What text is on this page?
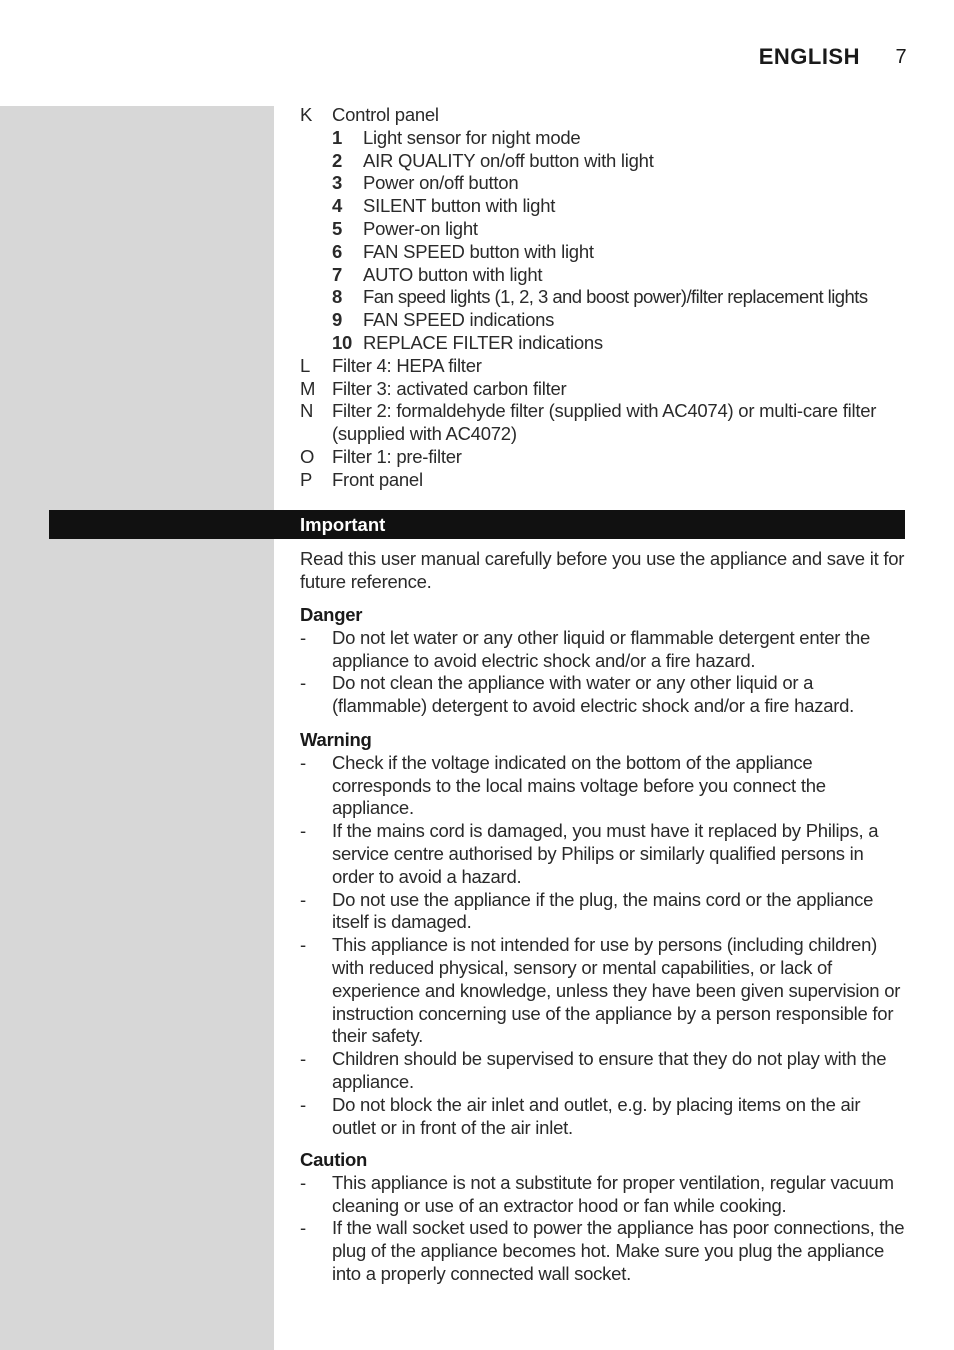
ENGLISH 7
K	Control panel
1	Light sensor for night mode
2	AIR QUALITY on/off button with light
3	Power on/off button
4	SILENT button with light
5	Power-on light
6	FAN SPEED button with light
7	AUTO button with light
8	Fan speed lights (1, 2, 3 and boost power)/filter replacement lights
9	FAN SPEED indications
10 REPLACE FILTER indications
L	Filter 4: HEPA filter
M Filter 3: activated carbon filter
N	Filter 2: formaldehyde filter (supplied with AC4074) or multi-care filter (supplied with AC4072)
O Filter 1: pre-filter
P	Front panel
Important
Read this user manual carefully before you use the appliance and save it for future reference.
Danger
-	Do not let water or any other liquid or flammable detergent enter the appliance to avoid electric shock and/or a fire hazard.
-	Do not clean the appliance with water or any other liquid or a (flammable) detergent to avoid electric shock and/or a fire hazard.
Warning
-	Check if the voltage indicated on the bottom of the appliance corresponds to the local mains voltage before you connect the appliance.
-	If the mains cord is damaged, you must have it replaced by Philips, a service centre authorised by Philips or similarly qualified persons in order to avoid a hazard.
-	Do not use the appliance if the plug, the mains cord or the appliance itself is damaged.
-	This appliance is not intended for use by persons (including children) with reduced physical, sensory or mental capabilities, or lack of experience and knowledge, unless they have been given supervision or instruction concerning use of the appliance by a person responsible for their safety.
-	Children should be supervised to ensure that they do not play with the appliance.
-	Do not block the air inlet and outlet, e.g. by placing items on the air outlet or in front of the air inlet.
Caution
-	This appliance is not a substitute for proper ventilation, regular vacuum cleaning or use of an extractor hood or fan while cooking.
-	If the wall socket used to power the appliance has poor connections, the plug of the appliance becomes hot. Make sure you plug the appliance into a properly connected wall socket.
